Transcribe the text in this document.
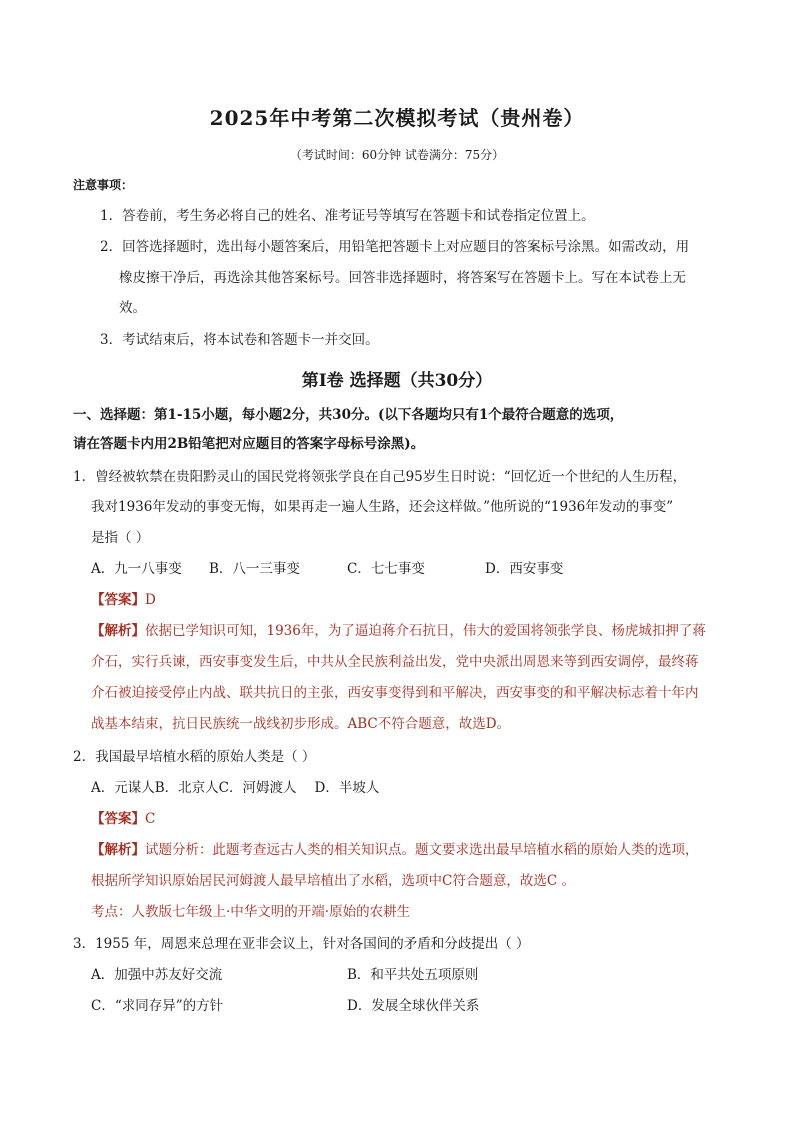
2025年中考第二次模拟考试（贵州卷）
（考试时间：60分钟 试卷满分：75分）
注意事项：
1．答卷前，考生务必将自己的姓名、准考证号等填写在答题卡和试卷指定位置上。
2．回答选择题时，选出每小题答案后，用铅笔把答题卡上对应题目的答案标号涂黑。如需改动，用
橡皮擦干净后，再选涂其他答案标号。回答非选择题时，将答案写在答题卡上。写在本试卷上无
效。
3．考试结束后，将本试卷和答题卡一并交回。
第Ⅰ卷 选择题（共30分）
一、选择题：第1-15小题，每小题2分，共30分。(以下各题均只有1个最符合题意的选项，
请在答题卡内用2B铅笔把对应题目的答案字母标号涂黑)。
1．曾经被软禁在贵阳黔灵山的国民党将领张学良在自己95岁生日时说：“回忆近一个世纪的人生历程，
我对1936年发动的事变无悔，如果再走一遍人生路，还会这样做。”他所说的“1936年发动的事变”
是指（ ）
A．九一八事变 B．八一三事变	C．七七事变	D．西安事变
【答案】D
【解析】依据已学知识可知，1936年，为了逼迫蒋介石抗日，伟大的爱国将领张学良、杨虎城扣押了蒋
介石，实行兵谏，西安事变发生后，中共从全民族利益出发，党中央派出周恩来等到西安调停，最终蒋
介石被迫接受停止内战、联共抗日的主张，西安事变得到和平解决，西安事变的和平解决标志着十年内
战基本结束，抗日民族统一战线初步形成。ABC不符合题意，故选D。
2．我国最早培植水稻的原始人类是（ ）
A．元谋人B．北京人C．河姆渡人 D．半坡人
【答案】C
【解析】试题分析：此题考查远古人类的相关知识点。题文要求选出最早培植水稻的原始人类的选项，
根据所学知识原始居民河姆渡人最早培植出了水稻，选项中C符合题意，故选C 。
考点：人教版七年级上·中华文明的开端·原始的农耕生
3．1955 年，周恩来总理在亚非会议上，针对各国间的矛盾和分歧提出（ ）
A．加强中苏友好交流	B．和平共处五项原则
C．“求同存异”的方针	D．发展全球伙伴关系
